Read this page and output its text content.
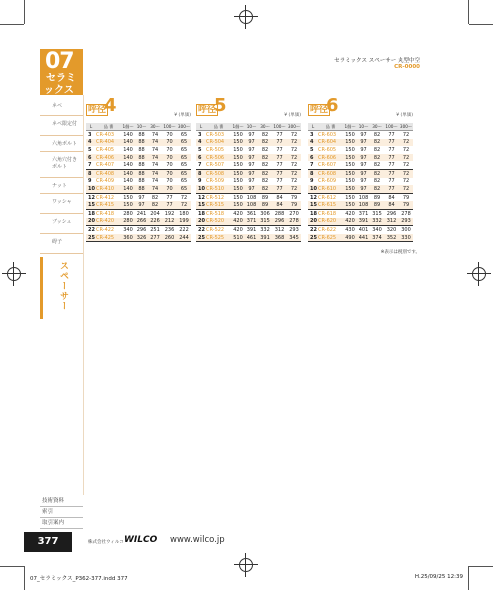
07
セラミ
ックス
ネベ
ネベ限定付
六角ボルト
六角穴付き ボルト
ナット
ワッシャ
ブッシュ
碍子
スペーサー
技術資料
索引
取引案内
セラミックス スペーサー 丸型中空
CR-0000
呼径
4	¥ (単価)
L	品 番	1個～	10～	30～	100～	300～
3	CR-403	140	88	74	70	65
4	CR-404	140	88	74	70	65
5	CR-405	140	88	74	70	65
6	CR-406	140	88	74	70	65
7	CR-407	140	88	74	70	65
8	CR-408	140	88	74	70	65
9	CR-409	140	88	74	70	65
10	CR-410	140	88	74	70	65
12	CR-412	150	97	82	77	72
15	CR-415	150	97	82	77	72
18	CR-418	280	241	204	192	180
20	CR-420	280	266	226	212	199
22	CR-422	340	296	251	236	222
25	CR-425	360	326	277	260	244
呼径
5	¥ (単価)
L	品 番	1個～	10～	30～	100～	300～
3	CR-503	150	97	82	77	72
4	CR-504	150	97	82	77	72
5	CR-505	150	97	82	77	72
6	CR-506	150	97	82	77	72
7	CR-507	150	97	82	77	72
8	CR-508	150	97	82	77	72
9	CR-509	150	97	82	77	72
10	CR-510	150	97	82	77	72
12	CR-512	150	108	89	84	79
15	CR-515	150	108	89	84	79
18	CR-518	420	361	306	288	270
20	CR-520	420	371	315	296	278
22	CR-522	420	391	332	312	293
25	CR-525	510	461	391	368	345
呼径
6	¥ (単価)
L	品 番	1個～	10～	30～	100～	300～
3	CR-603	150	97	82	77	72
4	CR-604	150	97	82	77	72
5	CR-605	150	97	82	77	72
6	CR-606	150	97	82	77	72
7	CR-607	150	97	82	77	72
8	CR-608	150	97	82	77	72
9	CR-609	150	97	82	77	72
10	CR-610	150	97	82	77	72
12	CR-612	150	108	89	84	79
15	CR-615	150	108	89	84	79
18	CR-618	420	371	315	296	278
20	CR-620	420	391	332	312	293
22	CR-622	430	401	340	320	300
25	CR-625	490	441	374	352	330
※表示は税別です。
377	株式会社ウィルコ WILCO www.wilco.jp
07_セラミックス_P362-377.indd 377	H.25/09/25 12:39
